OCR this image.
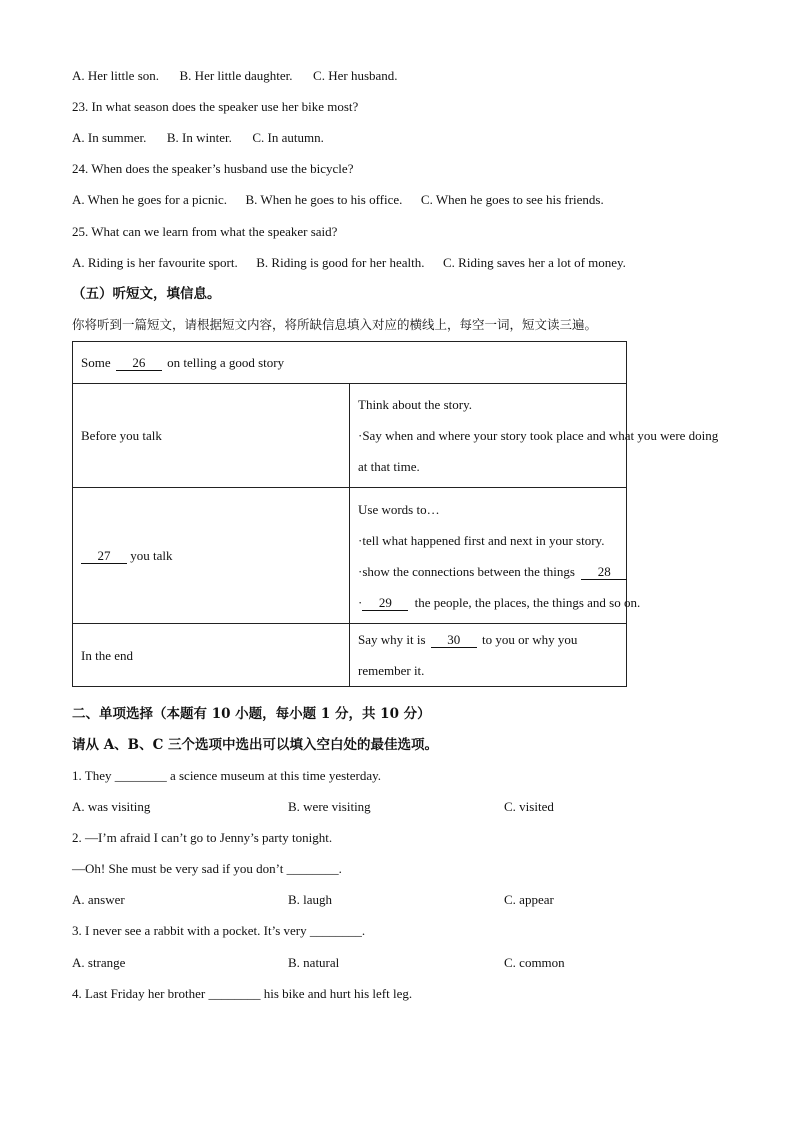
A. Her little son. B. Her little daughter. C. Her husband.
23. In what season does the speaker use her bike most?
A. In summer. B. In winter. C. In autumn.
24. When does the speaker’s husband use the bicycle?
A. When he goes for a picnic. B. When he goes to his office. C. When he goes to see his friends.
25. What can we learn from what the speaker said?
A. Riding is her favourite sport. B. Riding is good for her health. C. Riding saves her a lot of money.
（五）听短文，填信息。
你将听到一篇短文，请根据短文内容，将所缺信息填入对应的横线上，每空一词，短文读三遍。
Some 26 on telling a good story	
Before you talk	Think about the story.
·Say when and where your story took place and what you were doing
at that time.

27 you talk	Use words to…
·tell what happened first and next in your story.
·show the connections between the things 28
· 29 the people, the places, the things and so on.

In the end	Say why it is 30 to you or why you remember it.
二、单项选择（本题有 10 小题，每小题 1 分，共 10 分）
请从 A、B、C 三个选项中选出可以填入空白处的最佳选项。
1. They ________ a science museum at this time yesterday.
A. was visiting	B. were visiting	C. visited
2. —I’m afraid I can’t go to Jenny’s party tonight.
—Oh! She must be very sad if you don’t ________.
A. answer	B. laugh	C. appear
3. I never see a rabbit with a pocket. It’s very ________.
A. strange	B. natural	C. common
4. Last Friday her brother ________ his bike and hurt his left leg.
